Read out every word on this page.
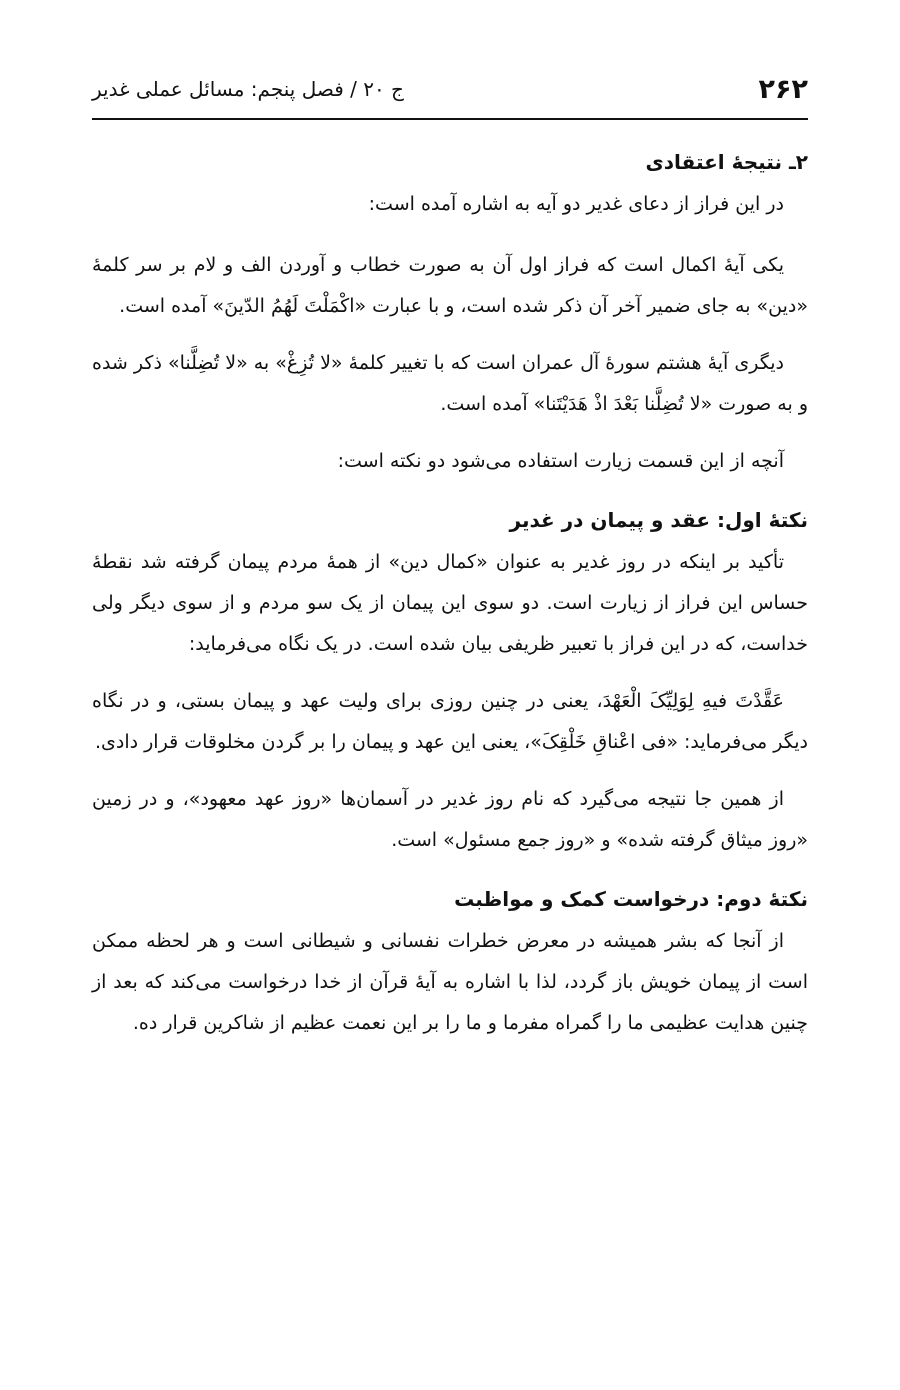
۲۶۲
ج ۲۰ / فصل پنجم: مسائل عملی غدیر
۲ـ نتیجهٔ اعتقادی

در این فراز از دعای غدیر دو آیه به اشاره آمده است:

یکی آیهٔ اکمال است که فراز اول آن به صورت خطاب و آوردن الف و لام بر سر کلمهٔ «دین» به جای ضمیر آخر آن ذکر شده است، و با عبارت «اکْمَلْتَ لَهُمُ الدّینَ» آمده است.

دیگری آیهٔ هشتم سورهٔ آل عمران است که با تغییر کلمهٔ «لا تُزِغْ» به «لا تُضِلَّنا» ذکر شده و به صورت «لا تُضِلَّنا بَعْدَ اذْ هَدَیْتَنا» آمده است.

آنچه از این قسمت زیارت استفاده می‌شود دو نکته است:

نکتهٔ اول: عقد و پیمان در غدیر

تأکید بر اینکه در روز غدیر به عنوان «کمال دین» از همهٔ مردم پیمان گرفته شد نقطهٔ حساس این فراز از زیارت است. دو سوی این پیمان از یک سو مردم و از سوی دیگر ولی خداست، که در این فراز با تعبیر ظریفی بیان شده است. در یک نگاه می‌فرماید:

عَقَّدْتَ فیهِ لِوَلِیِّکَ الْعَهْدَ، یعنی در چنین روزی برای ولیت عهد و پیمان بستی، و در نگاه دیگر می‌فرماید: «فی اعْناقِ خَلْقِکَ»، یعنی این عهد و پیمان را بر گردن مخلوقات قرار دادی.

از همین جا نتیجه می‌گیرد که نام روز غدیر در آسمان‌ها «روز عهد معهود»، و در زمین «روز میثاق گرفته شده» و «روز جمع مسئول» است.

نکتهٔ دوم: درخواست کمک و مواظبت

از آنجا که بشر همیشه در معرض خطرات نفسانی و شیطانی است و هر لحظه ممکن است از پیمان خویش باز گردد، لذا با اشاره به آیهٔ قرآن از خدا درخواست می‌کند که بعد از چنین هدایت عظیمی ما را گمراه مفرما و ما را بر این نعمت عظیم از شاکرین قرار ده.
